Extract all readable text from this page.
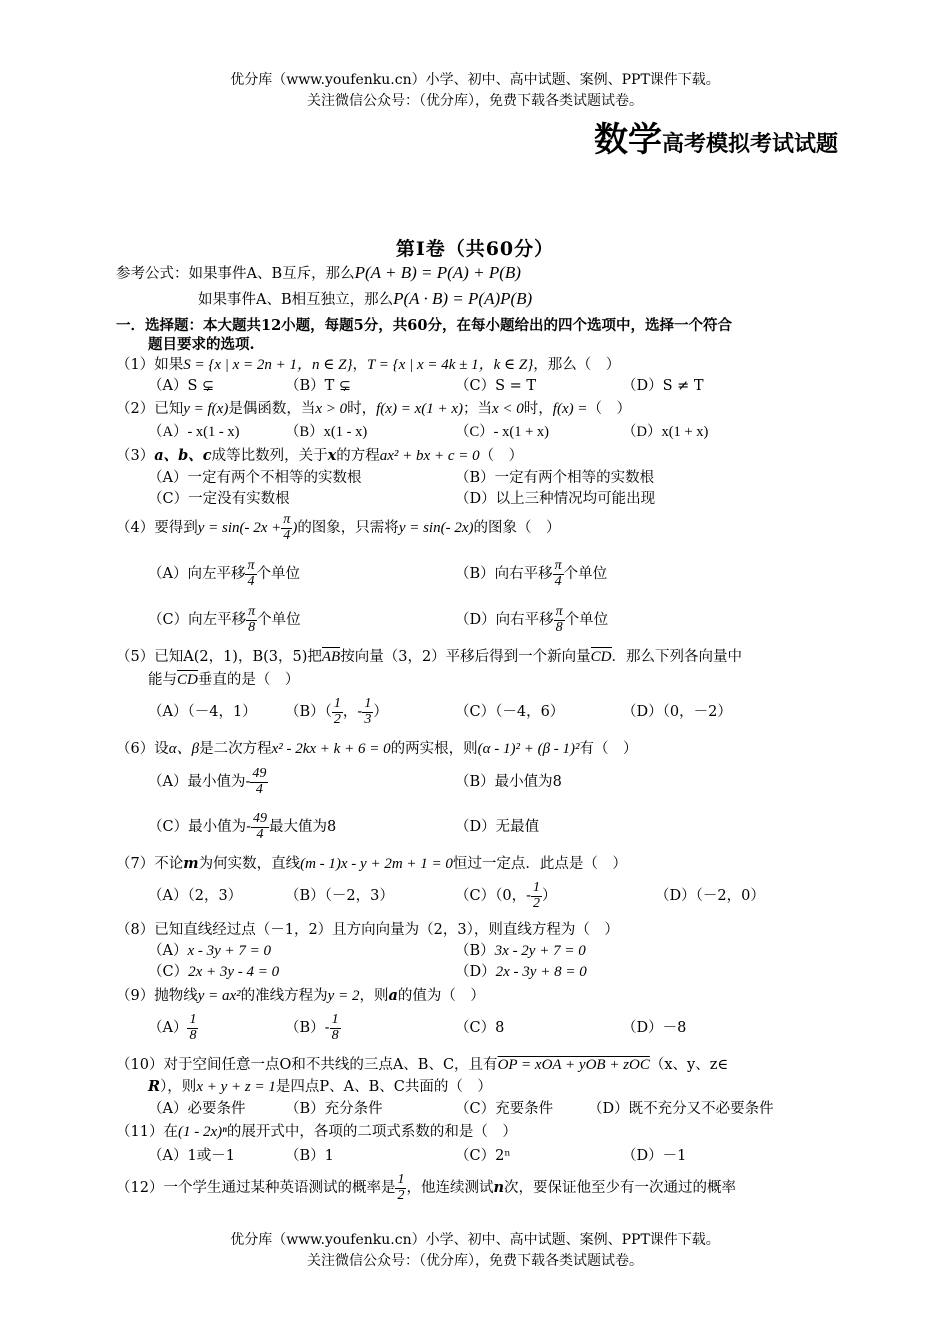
优分库（www.youfenku.cn）小学、初中、高中试题、案例、PPT课件下载。
关注微信公众号：（优分库），免费下载各类试题试卷。
数学高考模拟考试试题
第Ⅰ卷（共60分）
参考公式：如果事件A、B互斥，那么P(A + B) = P(A) + P(B)
如果事件A、B相互独立，那么P(A · B) = P(A)P(B)
一．选择题：本大题共12小题，每题5分，共60分，在每小题给出的四个选项中，选择一个符合
题目要求的选项.
（1）如果S = {x | x = 2n + 1，n ∈ Z}，T = {x | x = 4k ± 1，k ∈ Z}，那么（　）
（A）S ⊊	（B）T ⊊	（C）S = T	（D）S ≠ T
（2）已知y = f(x)是偶函数，当x > 0时，f(x) = x(1 + x)；当x < 0时，f(x) =（　）
（A）- x(1 - x)	（B）x(1 - x)	（C）- x(1 + x)	（D）x(1 + x)
（3）a、b、c成等比数列，关于x的方程ax² + bx + c = 0（　）
（A）一定有两个不相等的实数根	（B）一定有两个相等的实数根
（C）一定没有实数根	（D）以上三种情况均可能出现
（4）要得到y = sin(- $2x + \frac{\pi}{4}$ )的图象，只需将y = sin(- 2x)的图象（　）
（A）向左平移 $\frac{\pi}{4}$ 个单位	（B）向右平移 $\frac{\pi}{4}$ 个单位
（C）向左平移 $\frac{\pi}{8}$ 个单位	（D）向右平移 $\frac{\pi}{8}$ 个单位
（5）已知A(2，1)，B(3，5)把AB按向量（3，2）平移后得到一个新向量CD．那么下列各向量中
能与CD垂直的是（　）
（A）（－4，1） $(B)( \frac{1}{2}$ ，- $\frac{1}{3}$ ）	（C）（－4，6）	（D）（0，－2）
（6）设α、β是二次方程x² - 2kx + k + 6 = 0的两实根，则(α - 1)² + (β - 1)²有（　）
（A）最小值为- $\frac{49}{4}$	（B）最小值为8
（C）最小值为- $\frac{49}{4}$ 最大值为8	（D）无最值
（7）不论m为何实数，直线(m - 1)x - y + 2m + 1 = 0恒过一定点．此点是（　）
（A）（2，3）	（B）（－2，3）	（C）（0，- $\frac{1}{2}$ ）	（D）（－2，0）
（8）已知直线经过点（－1，2）且方向向量为（2，3），则直线方程为（　）
（A）x - 3y + 7 = 0	（B）3x - 2y + 7 = 0
（C）2x + 3y - 4 = 0	（D）2x - 3y + 8 = 0
（9）抛物线y = ax²的准线方程为y = 2，则a的值为（　）
$(A) \frac{1}{8}$	$(B)- \frac{1}{8}$	（C）8	（D）－8
（10）对于空间任意一点O和不共线的三点A、B、C，且有OP = xOA + yOB + zOC（x、y、z∈
R），则x + y + z = 1是四点P、A、B、C共面的（　）
（A）必要条件	（B）充分条件	（C）充要条件 （D）既不充分又不必要条件
（11）在(1 - 2x)ⁿ的展开式中，各项的二项式系数的和是（　）
（A）1或－1	（B）1	（C）2ⁿ	（D）－1
（12）一个学生通过某种英语测试的概率是 $\frac{1}{2}$ ，他连续测试n次，要保证他至少有一次通过的概率
优分库（www.youfenku.cn）小学、初中、高中试题、案例、PPT课件下载。
关注微信公众号：（优分库），免费下载各类试题试卷。
